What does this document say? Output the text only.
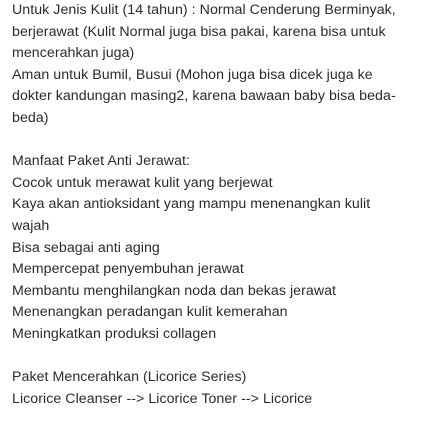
Untuk Jenis Kulit (14 tahun) : Normal Cenderung Berminyak,
berjerawat (Kulit Normal juga bisa pakai, karena bisa untuk
mencerahkan juga)
Aman untuk Bumil, Busui (Mohon juga bisa dicek juga ke
dokter kandungan masing2, karena bawaan baby bisa beda-
beda)
Manfaat Paket Anti Jerawat:
Cocok untuk merawat kulit yang berjewat
Kaya akan antioksidant yang mampu menenangkan kulit
wajah
Bisa sebagai anti aging
Mempercepat penyembuhan jerawat
Membantu menghilangkan noda dan bekas jerawat
Menenangkan peradangan kulit kemerahan
Meningkatkan produksi collagen
Paket Mencerahkan (Licorice Series)
Licorice Cleanser --> Licorice Toner --> Licorice
